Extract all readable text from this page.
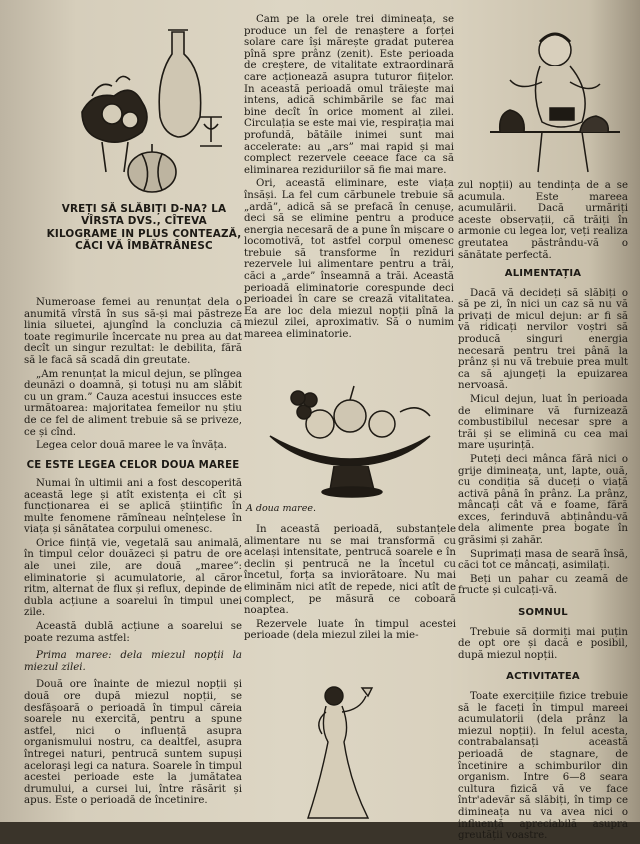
VREȚI SĂ SLĂBIȚI D-NA? LA VÎRSTA DVS., CÎTEVA KILOGRAME IN PLUS CONTEAZĂ, CĂCI VĂ ÎMBĂTRÂNESC

Numeroase femei au renunțat dela o anumită vîrstă în sus să-și mai păstreze linia siluetei, ajungînd la concluzia că toate regimurile încercate nu prea au dat decît un singur rezultat: le debilita, fără să le facă să scadă din greutate.

„Am renunțat la micul dejun, se plîngea deunăzi o doamnă, și totuși nu am slăbit cu un gram.” Cauza acestui insucces este următoarea: majoritatea femeilor nu știu de ce fel de aliment trebuie să se priveze, ce și cînd.

Legea celor două maree le va învăța.

CE ESTE LEGEA CELOR DOUA MAREE

Numai în ultimii ani a fost descoperită această lege și atît existența ei cît și funcționarea ei se aplică științific în multe fenomene rămîneau neînțelese în viața și sănătatea corpului omenesc.

Orice ființă vie, vegetală sau animală, în timpul celor douăzeci și patru de ore ale unei zile, are două „maree”: eliminatorie și acumulatorie, al căror ritm, alternat de flux și reflux, depinde de dubla acțiune a soarelui în timpul unei zile.

Această dublă acțiune a soarelui se poate rezuma astfel:

Prima maree: dela miezul nopții la miezul zilei.

Două ore înainte de miezul nopții și două ore după miezul nopții, se desfășoară o perioadă în timpul căreia soarele nu exercită, pentru a spune astfel, nici o influență asupra organismului nostru, ca dealtfel, asupra întregei naturi, pentrucă suntem supuși aceloraşi legi ca natura. Soarele în timpul acestei perioade este la jumătatea drumului, a cursei lui, între răsărit și apus. Este o perioadă de încetinire.

Cam pe la orele trei dimineața, se produce un fel de renaștere a forței solare care își mărește gradat puterea pînă spre prânz (zenit). Este perioada de creștere, de vitalitate extraordinară care acționează asupra tuturor fiițelor. In această perioadă omul trăiește mai intens, adică schimbările se fac mai bine decît în orice moment al zilei. Circulația se este mai vie, respirația mai profundă, bătăile inimei sunt mai accelerate: au „ars” mai rapid și mai complect rezervele ceeace face ca să eliminarea reziduriilor să fie mai mare.

Ori, această eliminare, este viața însăși. La fel cum cărbunele trebuie să „ardă”, adică să se prefacă în cenușe, deci să se elimine pentru a produce energia necesară de a pune în mișcare o locomotivă, tot astfel corpul omenesc trebuie să transforme în reziduri rezervele lui alimentare pentru a trăi, căci a „arde” înseamnă a trăi. Această perioadă eliminatorie corespunde deci perioadei în care se crează vitalitatea. Ea are loc dela miezul nopții pînă la miezul zilei, aproximativ. Să o numim mareea eliminatorie.

A doua maree.

In această perioadă, substanțele alimentare nu se mai transformă cu același intensitate, pentrucă soarele e în declin și pentrucă ne la încetul cu încetul, forța sa inviorătoare. Nu mai eliminăm nici atît de repede, nici atît de complect, pe măsură ce coboară noaptea.

Rezervele luate în timpul acestei perioade (dela miezul zilei la mie-

zul nopții) au tendința de a se acumula. Este mareea acumulării. Dacă urmăriți aceste observații, că trăiți în armonie cu legea lor, veți realiza greutatea păstrându-vă o sănătate perfectă.

ALIMENTAȚIA

Dacă vă decideți să slăbiți o să pe zi, în nici un caz să nu vă privați de micul dejun: ar fi să vă ridicați nervilor voștri să producă singuri energia necesară pentru trei până la prânz și nu vă trebuie prea mult ca să ajungeți la epuizarea nervoasă.

Micul dejun, luat în perioada de eliminare vă furnizează combustibilul necesar spre a trăi și se elimină cu cea mai mare ușurință.

Puteți deci mânca fără nici o grije dimineața, unt, lapte, ouă, cu condiția să duceți o viață activă până în prânz. La prânz, mâncați cât vă e foame, fără exces, ferinduvă abținându-vă dela alimente prea bogate în grăsimi și zahăr.

Suprimați masa de seară însă, căci tot ce mâncați, asimilați.

Beți un pahar cu zeamă de fructe și culcați-vă.

SOMNUL

Trebuie să dormiți mai puțin de opt ore și dacă e posibil, după miezul nopții.

ACTIVITATEA

Toate exercițiile fizice trebuie să le faceți în timpul mareei acumulatorii (dela prânz la miezul nopții). In felul acesta, contrabalansați această perioadă de stagnare, de încetinire a schimburilor din organism. Intre 6—8 seara cultura fizică vă ve face într'adevăr să slăbiți, în timp ce dimineața nu va avea nici o influență apreciabilă asupra greutății voastre.
